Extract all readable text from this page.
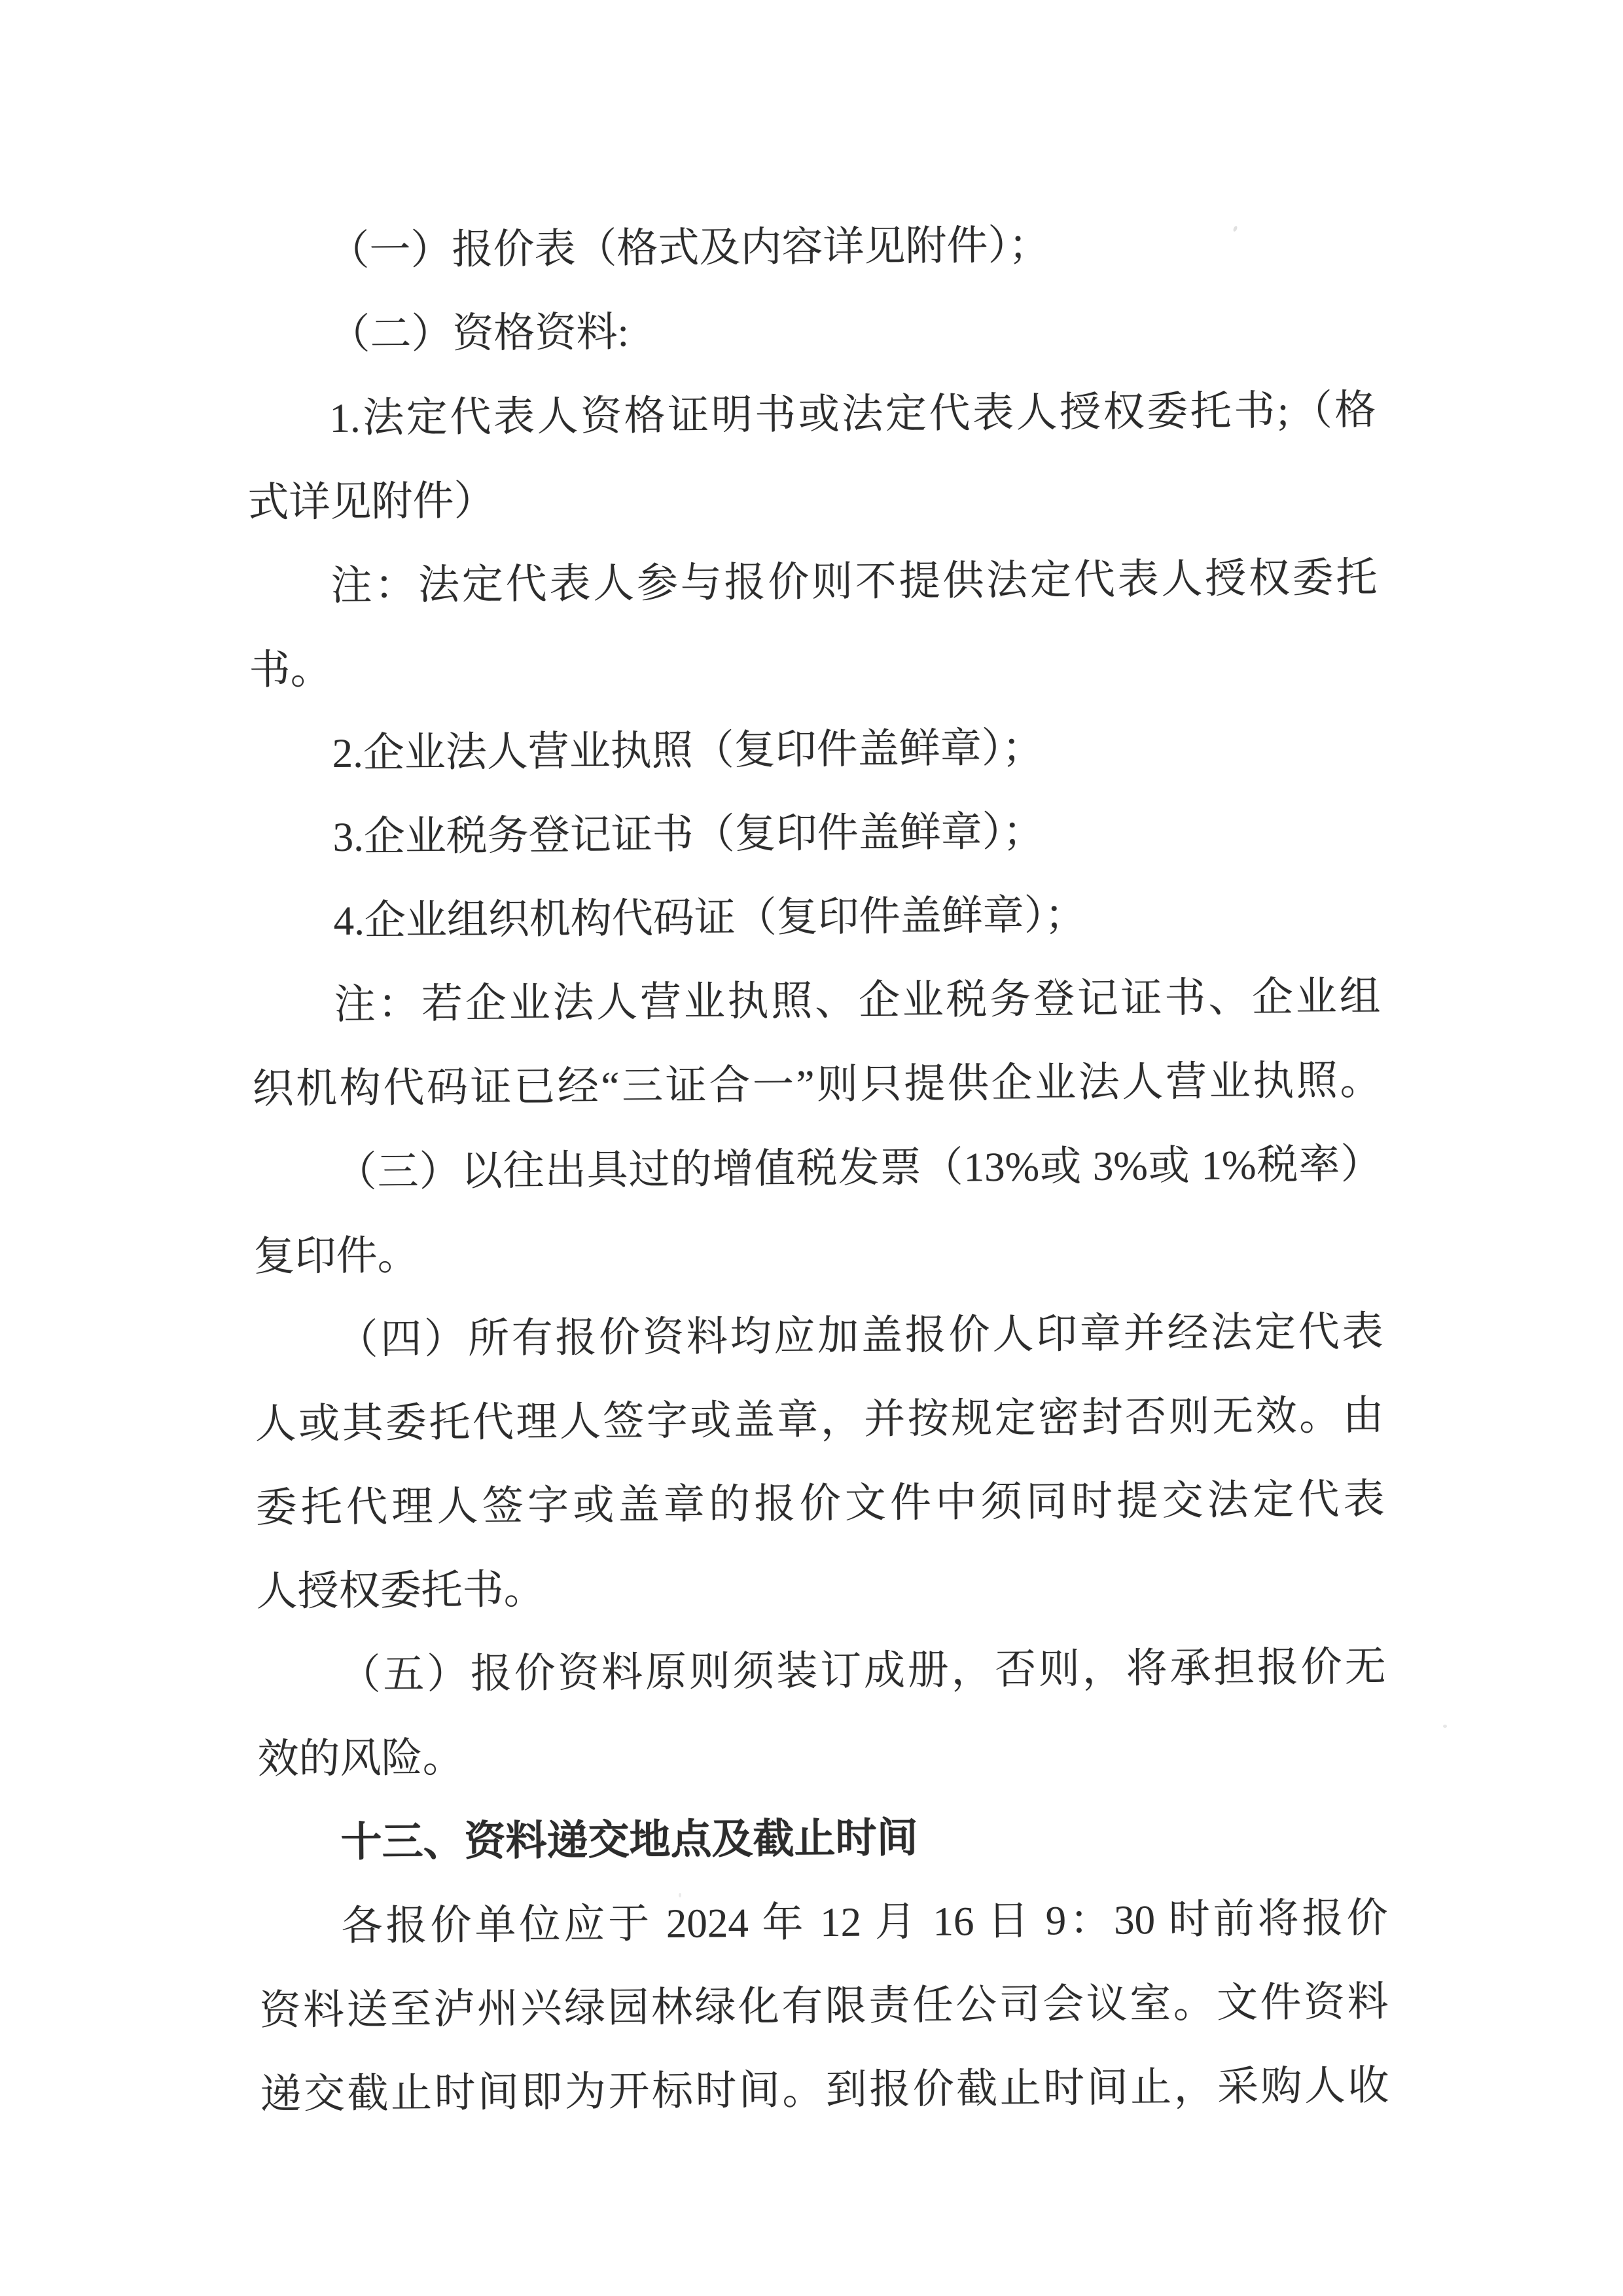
（一）报价表（格式及内容详见附件）；
（二）资格资料:
1.法定代表人资格证明书或法定代表人授权委托书;（格
式详见附件）
注：法定代表人参与报价则不提供法定代表人授权委托
书。
2.企业法人营业执照（复印件盖鲜章）；
3.企业税务登记证书（复印件盖鲜章）；
4.企业组织机构代码证（复印件盖鲜章）；
注：若企业法人营业执照、企业税务登记证书、企业组
织机构代码证已经“三证合一”则只提供企业法人营业执照。
（三）以往出具过的增值税发票（13%或 3%或 1%税率）
复印件。
（四）所有报价资料均应加盖报价人印章并经法定代表
人或其委托代理人签字或盖章，并按规定密封否则无效。由
委托代理人签字或盖章的报价文件中须同时提交法定代表
人授权委托书。
（五）报价资料原则须装订成册，否则，将承担报价无
效的风险。
十三、资料递交地点及截止时间
各报价单位应于 2024 年 12 月 16 日 9：30 时前将报价
资料送至泸州兴绿园林绿化有限责任公司会议室。文件资料
递交截止时间即为开标时间。到报价截止时间止，采购人收
